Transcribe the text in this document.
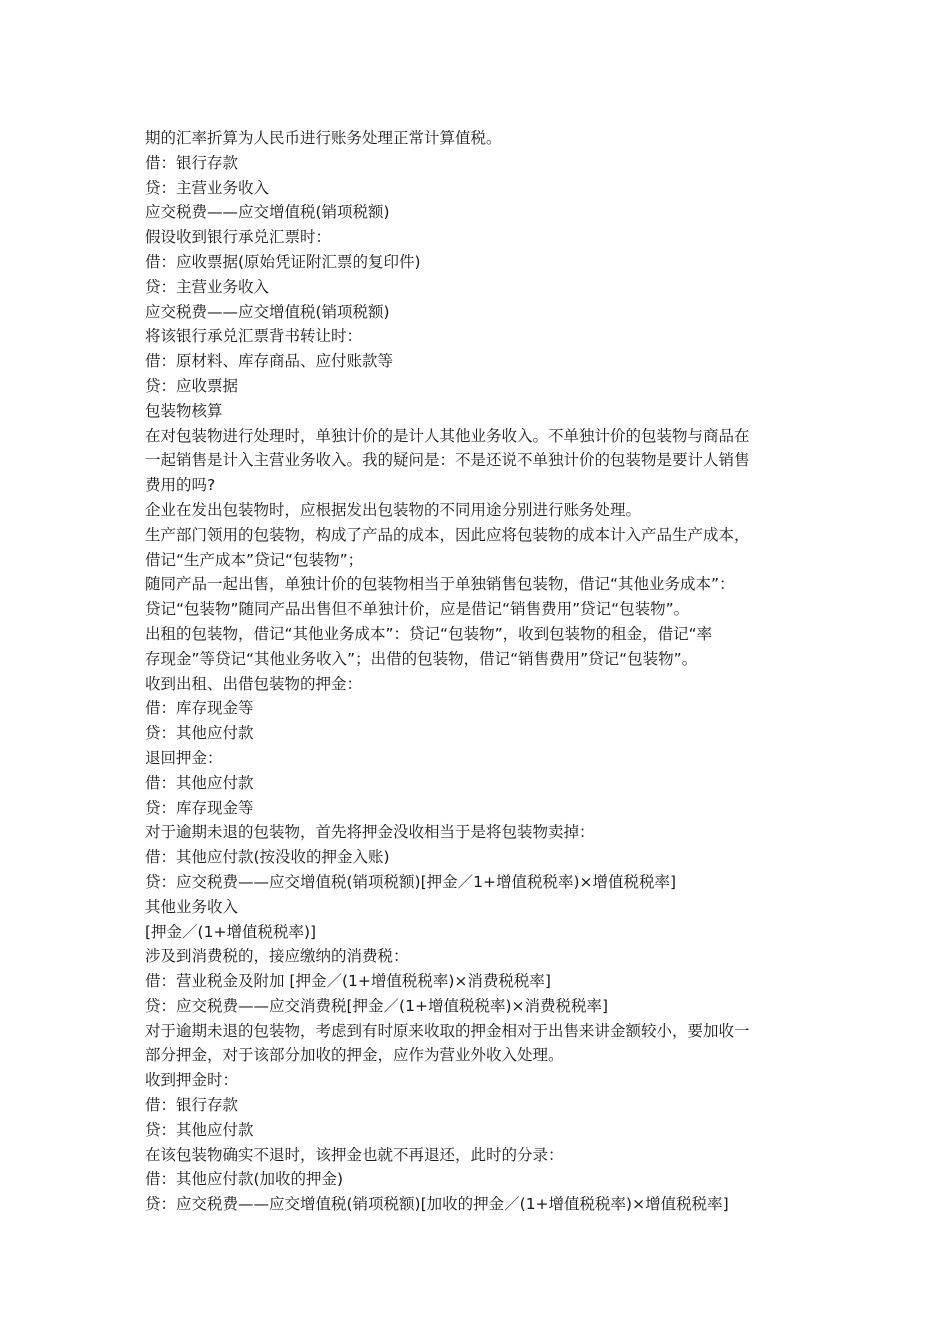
期的汇率折算为人民币进行账务处理正常计算值税。
借：银行存款
贷：主营业务收入
应交税费——应交增值税(销项税额)
假设收到银行承兑汇票时：
借：应收票据(原始凭证附汇票的复印件)
贷：主营业务收入
应交税费——应交增值税(销项税额)
将该银行承兑汇票背书转让时：
借：原材料、库存商品、应付账款等
贷：应收票据
包装物核算
在对包装物进行处理时，单独计价的是计人其他业务收入。不单独计价的包装物与商品在
一起销售是计入主营业务收入。我的疑问是：不是还说不单独计价的包装物是要计人销售
费用的吗?
企业在发出包装物时，应根据发出包装物的不同用途分别进行账务处理。
生产部门领用的包装物，构成了产品的成本，因此应将包装物的成本计入产品生产成本，
借记“生产成本”贷记“包装物”；
随同产品一起出售，单独计价的包装物相当于单独销售包装物，借记“其他业务成本”：
贷记“包装物”随同产品出售但不单独计价，应是借记“销售费用”贷记“包装物”。
出租的包装物，借记“其他业务成本”：贷记“包装物”，收到包装物的租金，借记“率
存现金”等贷记“其他业务收入”；出借的包装物，借记“销售费用”贷记“包装物”。
收到出租、出借包装物的押金：
借：库存现金等
贷：其他应付款
退回押金：
借：其他应付款
贷：库存现金等
对于逾期未退的包装物，首先将押金没收相当于是将包装物卖掉：
借：其他应付款(按没收的押金入账)
贷：应交税费——应交增值税(销项税额)[押金／1+增值税税率)×增值税税率]
其他业务收入
[押金／(1+增值税税率)]
涉及到消费税的，接应缴纳的消费税：
借：营业税金及附加 [押金／(1+增值税税率)×消费税税率]
贷：应交税费——应交消费税[押金／(1+增值税税率)×消费税税率]
对于逾期未退的包装物，考虑到有时原来收取的押金相对于出售来讲金额较小，要加收一
部分押金，对于该部分加收的押金，应作为营业外收入处理。
收到押金时：
借：银行存款
贷：其他应付款
在该包装物确实不退时，该押金也就不再退还，此时的分录：
借：其他应付款(加收的押金)
贷：应交税费——应交增值税(销项税额)[加收的押金／(1+增值税税率)×增值税税率]
